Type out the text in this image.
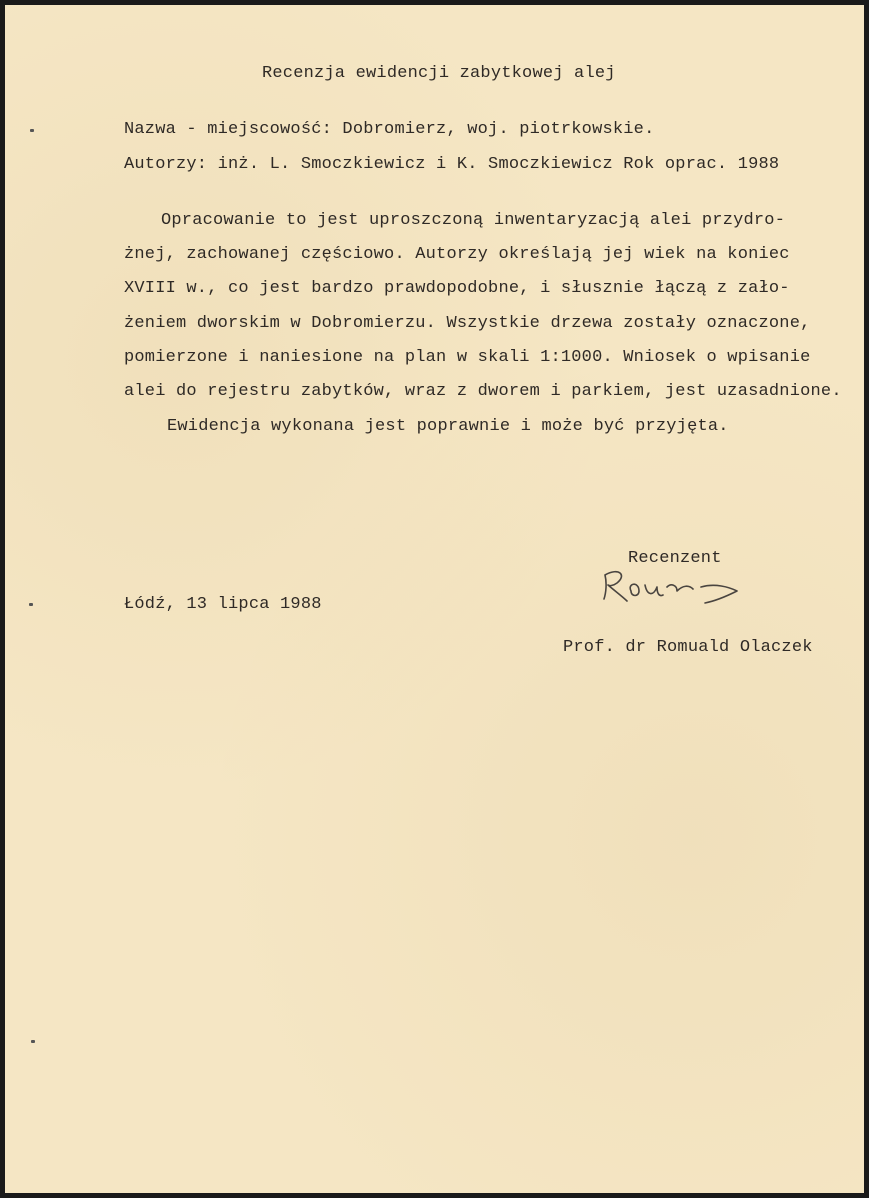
Recenzja ewidencji zabytkowej alej
Nazwa - miejscowość: Dobromierz, woj. piotrkowskie.
Autorzy: inż. L. Smoczkiewicz i K. Smoczkiewicz Rok oprac. 1988
Opracowanie to jest uproszczoną inwentaryzacją alei przydro-
żnej, zachowanej częściowo. Autorzy określają jej wiek na koniec
XVIII w., co jest bardzo prawdopodobne, i słusznie łączą z zało-
żeniem dworskim w Dobromierzu. Wszystkie drzewa zostały oznaczone,
pomierzone i naniesione na plan w skali 1:1000. Wniosek o wpisanie
alei do rejestru zabytków, wraz z dworem i parkiem, jest uzasadnione.
Ewidencja wykonana jest poprawnie i może być przyjęta.
Recenzent
Łódź, 13 lipca 1988
Prof. dr Romuald Olaczek
